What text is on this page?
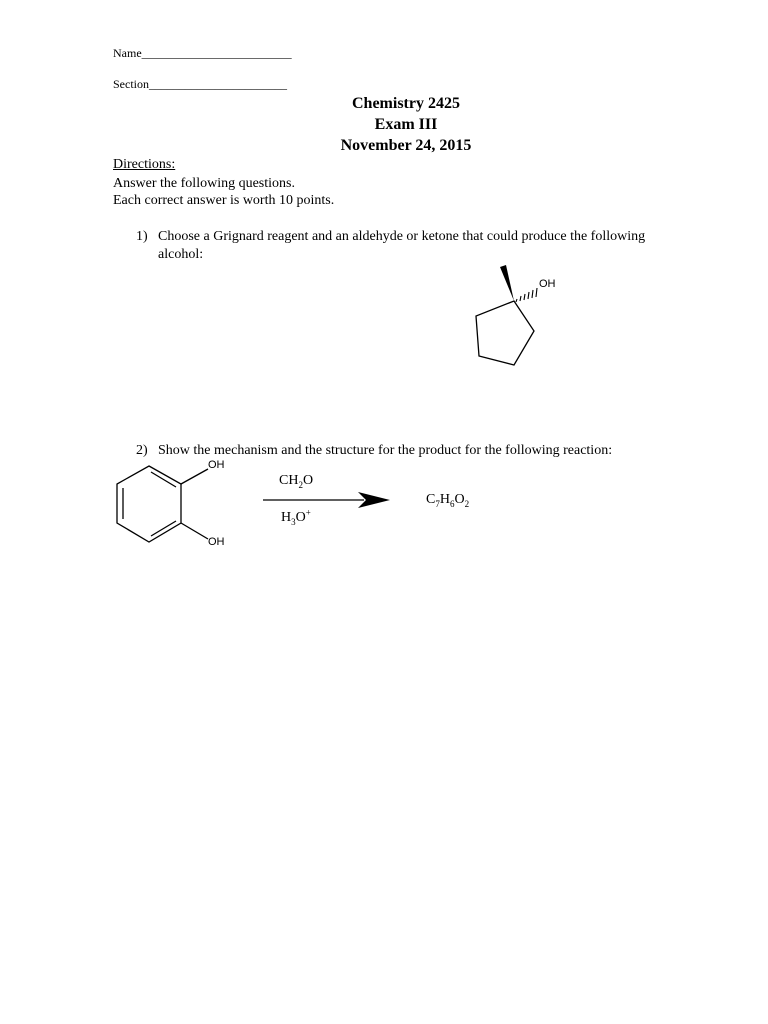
Name_________________________
Section_______________________
Chemistry 2425
Exam III
November 24, 2015
Directions:
Answer the following questions.
Each correct answer is worth 10 points.
1) Choose a Grignard reagent and an aldehyde or ketone that could produce the following
alcohol:
OH
2) Show the mechanism and the structure for the product for the following reaction:
OH
OH
$CH_2O$
$H_3O^+$
$C_7H_6O_2$
